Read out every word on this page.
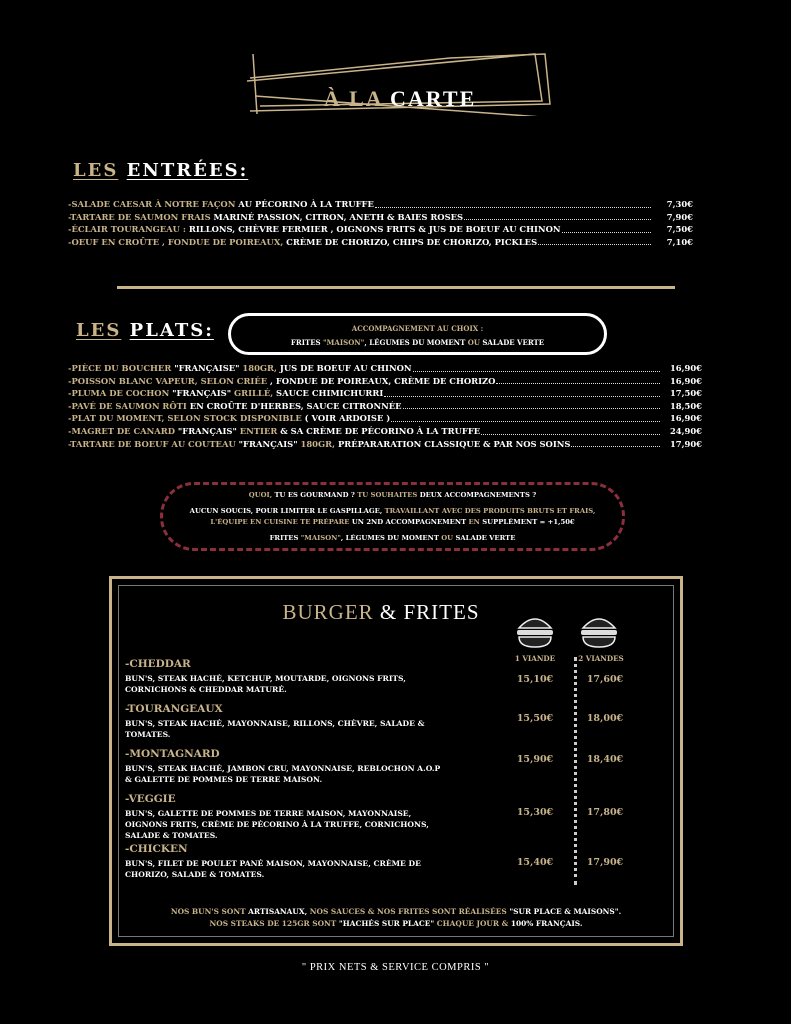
À LA CARTE
LES ENTRÉES:
-SALADE CAESAR À NOTRE FAÇON AU PÉCORINO À LA TRUFFE	7,30€
-TARTARE DE SAUMON FRAIS MARINÉ PASSION, CITRON, ANETH & BAIES ROSES	7,90€
-ÉCLAIR TOURANGEAU : RILLONS, CHÈVRE FERMIER , OIGNONS FRITS & JUS DE BOEUF AU CHINON	7,50€
-OEUF EN CROÛTE , FONDUE DE POIREAUX, CRÈME DE CHORIZO, CHIPS DE CHORIZO, PICKLES	7,10€
LES PLATS:	ACCOMPAGNEMENT AU CHOIX :
FRITES "MAISON", LÉGUMES DU MOMENT OU SALADE VERTE
-PIÈCE DU BOUCHER "FRANÇAISE" 180GR, JUS DE BOEUF AU CHINON	16,90€
-POISSON BLANC VAPEUR, SELON CRIÉE , FONDUE DE POIREAUX, CRÈME DE CHORIZO	16,90€
-PLUMA DE COCHON "FRANÇAIS" GRILLÉ, SAUCE CHIMICHURRI	17,50€
-PAVÉ DE SAUMON RÔTI EN CROÛTE D'HERBES, SAUCE CITRONNÉE	18,50€
-PLAT DU MOMENT, SELON STOCK DISPONIBLE ( VOIR ARDOISE )	16,90€
-MAGRET DE CANARD "FRANÇAIS" ENTIER & SA CRÈME DE PÉCORINO À LA TRUFFE	24,90€
-TARTARE DE BOEUF AU COUTEAU "FRANÇAIS" 180GR, PRÉPARARATION CLASSIQUE & PAR NOS SOINS	17,90€
QUOI, TU ES GOURMAND ? TU SOUHAITES DEUX ACCOMPAGNEMENTS ?
AUCUN SOUCIS, POUR LIMITER LE GASPILLAGE, TRAVAILLANT AVEC DES PRODUITS BRUTS ET FRAIS,
L'ÉQUIPE EN CUISINE TE PRÉPARE UN 2ND ACCOMPAGNEMENT EN SUPPLÉMENT = +1,50€
FRITES "MAISON", LÉGUMES DU MOMENT OU SALADE VERTE
BURGER & FRITES
1 VIANDE	2 VIANDES
-CHEDDAR
BUN'S, STEAK HACHÉ, KETCHUP, MOUTARDE, OIGNONS FRITS, CORNICHONS & CHEDDAR MATURÉ.
15,10€	17,60€
-TOURANGEAUX
BUN'S, STEAK HACHÉ, MAYONNAISE, RILLONS, CHÈVRE, SALADE & TOMATES.
15,50€	18,00€
-MONTAGNARD
BUN'S, STEAK HACHÉ, JAMBON CRU, MAYONNAISE, REBLOCHON A.O.P & GALETTE DE POMMES DE TERRE MAISON.
15,90€	18,40€
-VEGGIE
BUN'S, GALETTE DE POMMES DE TERRE MAISON, MAYONNAISE, OIGNONS FRITS, CRÈME DE PÉCORINO À LA TRUFFE, CORNICHONS, SALADE & TOMATES.
15,30€	17,80€
-CHICKEN
BUN'S, FILET DE POULET PANÉ MAISON, MAYONNAISE, CRÈME DE CHORIZO, SALADE & TOMATES.
15,40€	17,90€
NOS BUN'S SONT ARTISANAUX, NOS SAUCES & NOS FRITES SONT RÉALISÉES "SUR PLACE & MAISONS".
NOS STEAKS DE 125GR SONT "HACHÉS SUR PLACE" CHAQUE JOUR & 100% FRANÇAIS.
" PRIX NETS & SERVICE COMPRIS "
